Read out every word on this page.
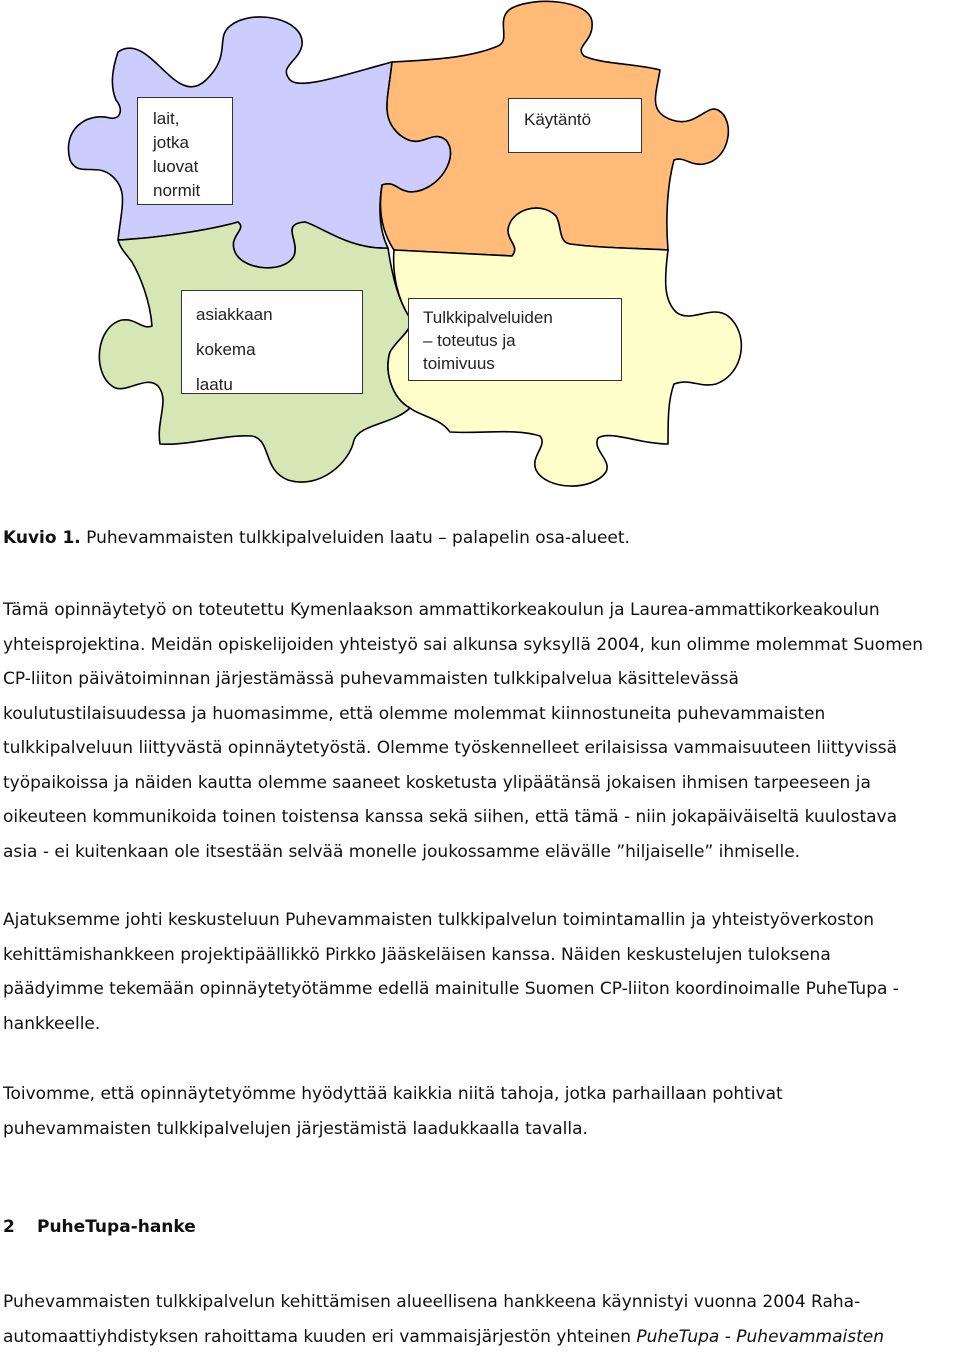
lait,
jotka
luovat
normit
Käytäntö
asiakkaan
kokema
laatu
Tulkkipalveluiden
– toteutus ja
toimivuus
Kuvio 1. Puhevammaisten tulkkipalveluiden laatu – palapelin osa-alueet.
Tämä opinnäytetyö on toteutettu Kymenlaakson ammattikorkeakoulun ja Laurea-ammattikorkeakoulun
yhteisprojektina. Meidän opiskelijoiden yhteistyö sai alkunsa syksyllä 2004, kun olimme molemmat Suomen
CP-liiton päivätoiminnan järjestämässä puhevammaisten tulkkipalvelua käsittelevässä
koulutustilaisuudessa ja huomasimme, että olemme molemmat kiinnostuneita puhevammaisten
tulkkipalveluun liittyvästä opinnäytetyöstä. Olemme työskennelleet erilaisissa vammaisuuteen liittyvissä
työpaikoissa ja näiden kautta olemme saaneet kosketusta ylipäätänsä jokaisen ihmisen tarpeeseen ja
oikeuteen kommunikoida toinen toistensa kanssa sekä siihen, että tämä - niin jokapäiväiseltä kuulostava
asia - ei kuitenkaan ole itsestään selvää monelle joukossamme elävälle ”hiljaiselle” ihmiselle.
Ajatuksemme johti keskusteluun Puhevammaisten tulkkipalvelun toimintamallin ja yhteistyöverkoston
kehittämishankkeen projektipäällikkö Pirkko Jääskeläisen kanssa. Näiden keskustelujen tuloksena
päädyimme tekemään opinnäytetyötämme edellä mainitulle Suomen CP-liiton koordinoimalle PuheTupa -
hankkeelle.
Toivomme, että opinnäytetyömme hyödyttää kaikkia niitä tahoja, jotka parhaillaan pohtivat
puhevammaisten tulkkipalvelujen järjestämistä laadukkaalla tavalla.
2 PuheTupa-hanke
Puhevammaisten tulkkipalvelun kehittämisen alueellisena hankkeena käynnistyi vuonna 2004 Raha-
automaattiyhdistyksen rahoittama kuuden eri vammaisjärjestön yhteinen PuheTupa - Puhevammaisten
